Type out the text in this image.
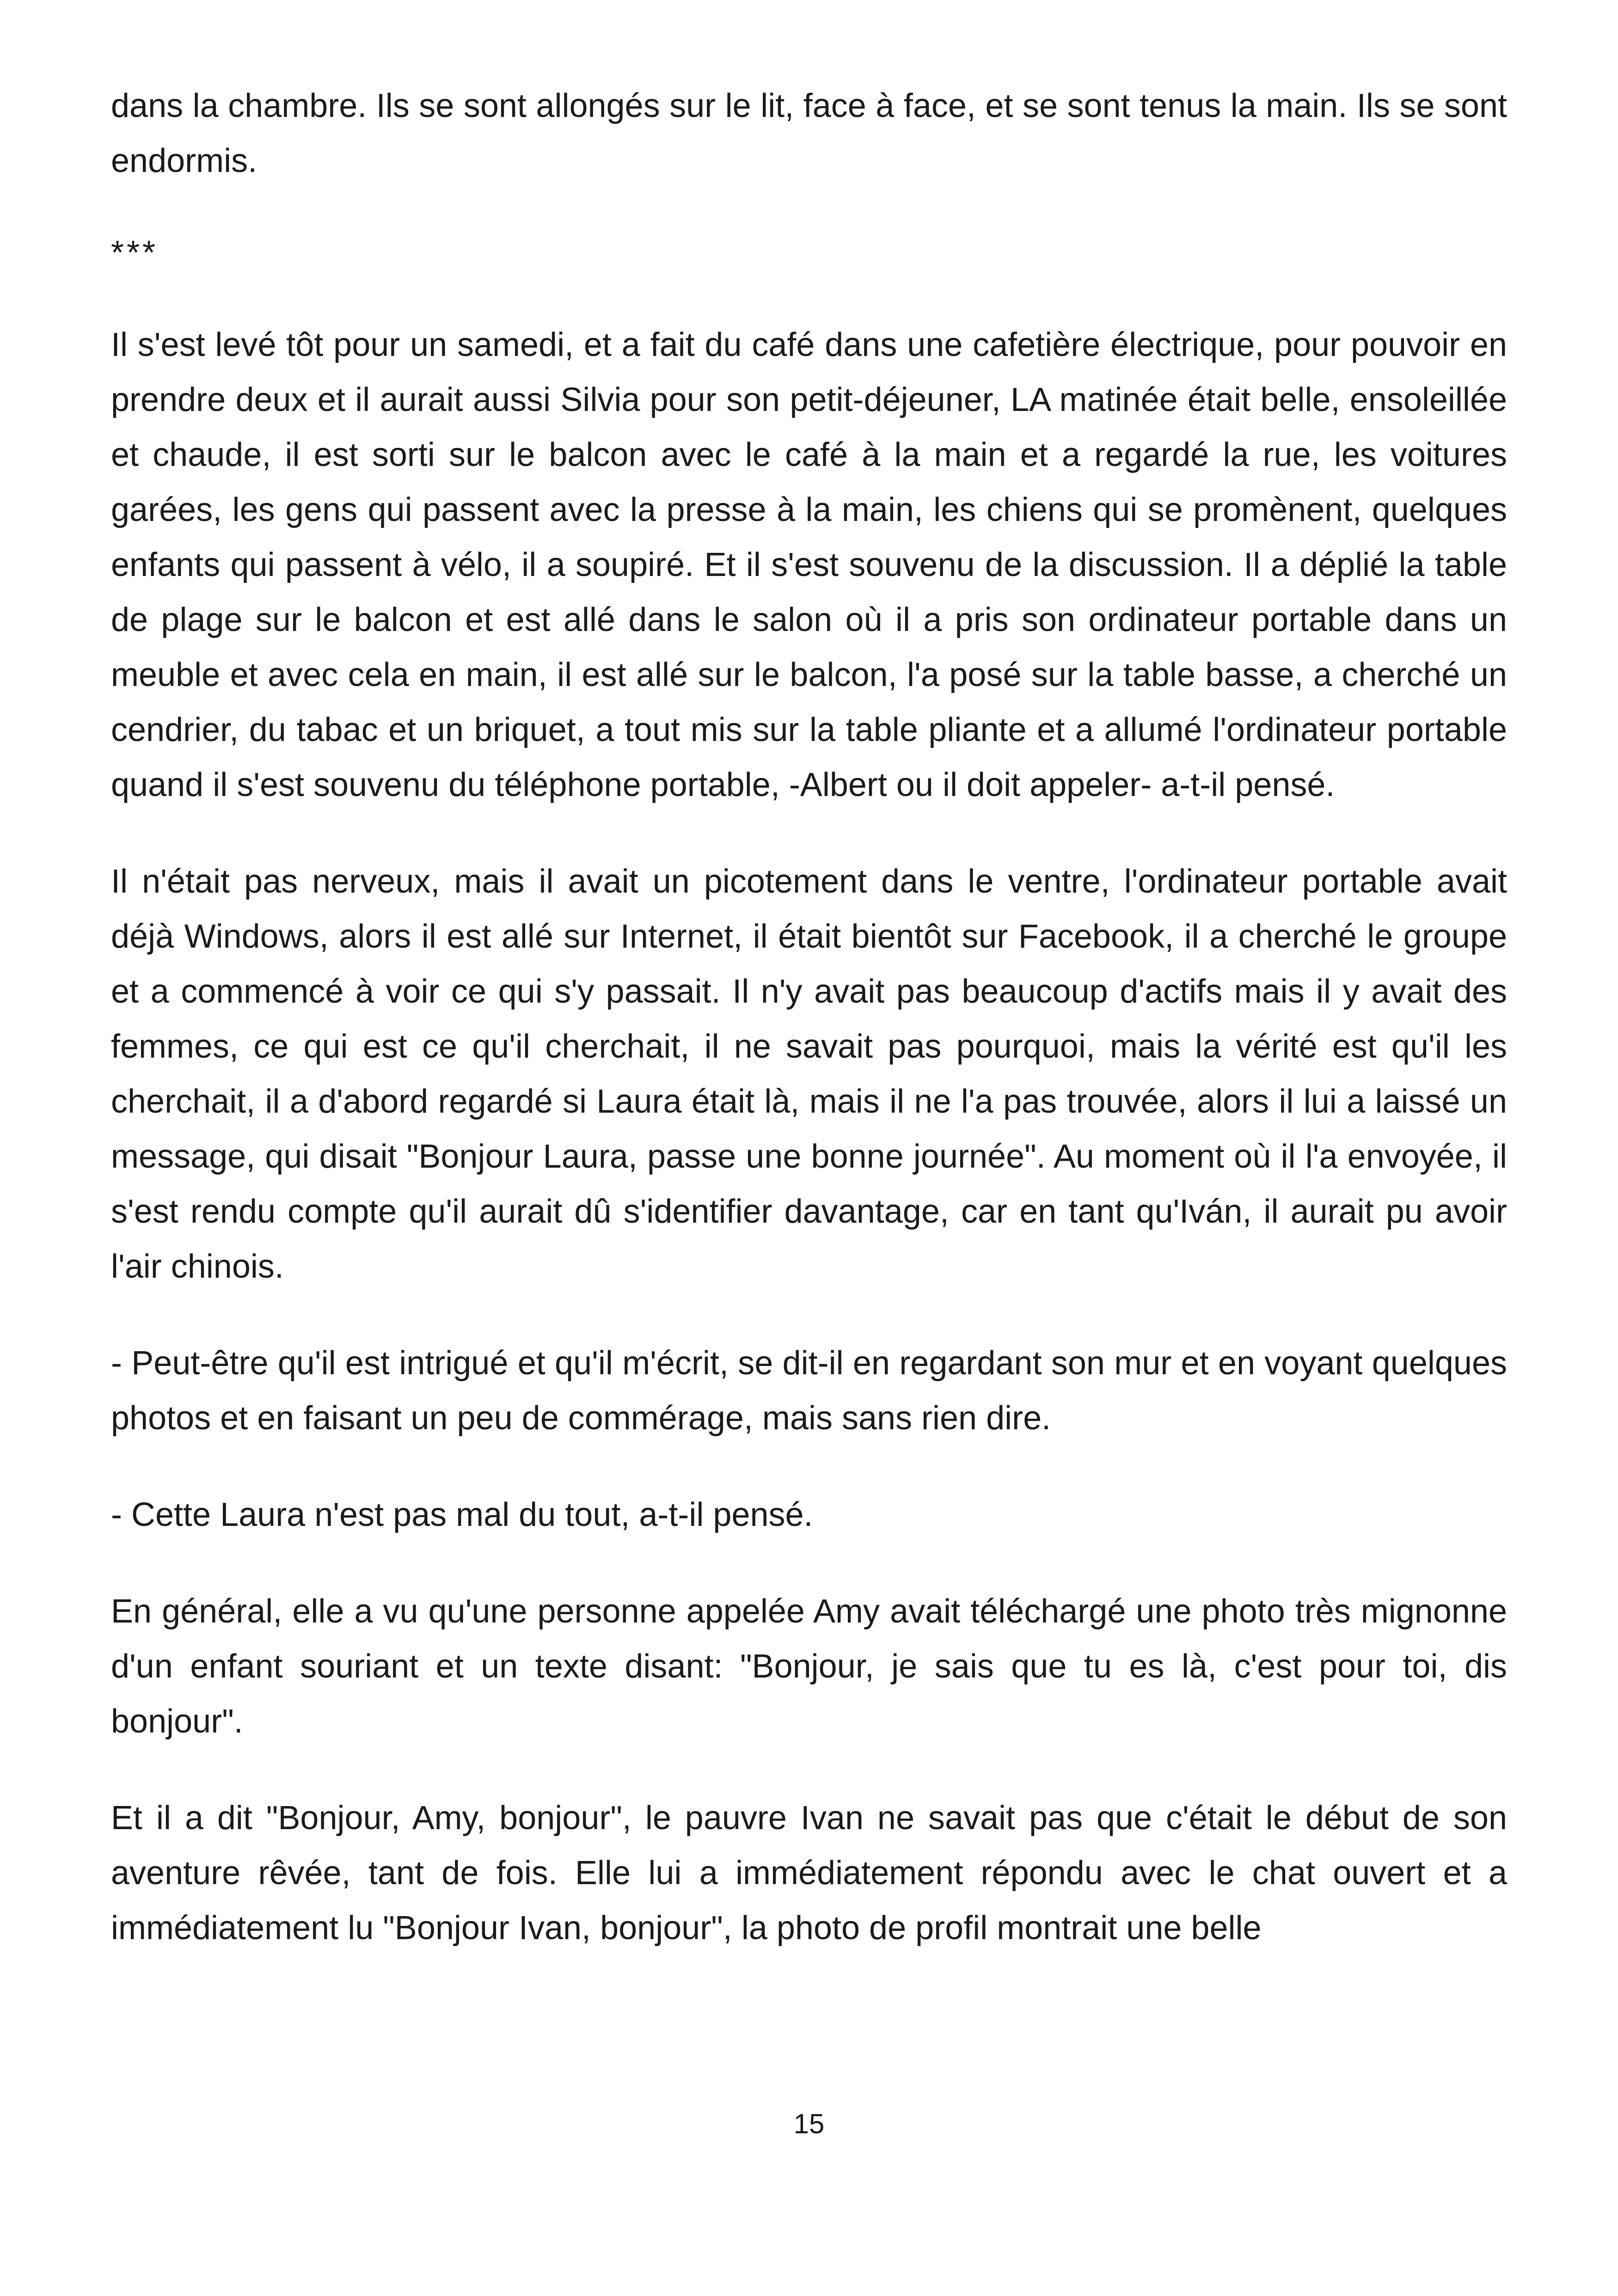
dans la chambre. Ils se sont allongés sur le lit, face à face, et se sont tenus la main. Ils se sont endormis.

***

Il s'est levé tôt pour un samedi, et a fait du café dans une cafetière électrique, pour pouvoir en prendre deux et il aurait aussi Silvia pour son petit-déjeuner, LA matinée était belle, ensoleillée et chaude, il est sorti sur le balcon avec le café à la main et a regardé la rue, les voitures garées, les gens qui passent avec la presse à la main, les chiens qui se promènent, quelques enfants qui passent à vélo, il a soupiré. Et il s'est souvenu de la discussion. Il a déplié la table de plage sur le balcon et est allé dans le salon où il a pris son ordinateur portable dans un meuble et avec cela en main, il est allé sur le balcon, l'a posé sur la table basse, a cherché un cendrier, du tabac et un briquet, a tout mis sur la table pliante et a allumé l'ordinateur portable quand il s'est souvenu du téléphone portable, -Albert ou il doit appeler- a-t-il pensé.

Il n'était pas nerveux, mais il avait un picotement dans le ventre, l'ordinateur portable avait déjà Windows, alors il est allé sur Internet, il était bientôt sur Facebook, il a cherché le groupe et a commencé à voir ce qui s'y passait. Il n'y avait pas beaucoup d'actifs mais il y avait des femmes, ce qui est ce qu'il cherchait, il ne savait pas pourquoi, mais la vérité est qu'il les cherchait, il a d'abord regardé si Laura était là, mais il ne l'a pas trouvée, alors il lui a laissé un message, qui disait "Bonjour Laura, passe une bonne journée". Au moment où il l'a envoyée, il s'est rendu compte qu'il aurait dû s'identifier davantage, car en tant qu'Iván, il aurait pu avoir l'air chinois.

- Peut-être qu'il est intrigué et qu'il m'écrit, se dit-il en regardant son mur et en voyant quelques photos et en faisant un peu de commérage, mais sans rien dire.

- Cette Laura n'est pas mal du tout, a-t-il pensé.

En général, elle a vu qu'une personne appelée Amy avait téléchargé une photo très mignonne d'un enfant souriant et un texte disant: "Bonjour, je sais que tu es là, c'est pour toi, dis bonjour".

Et il a dit "Bonjour, Amy, bonjour", le pauvre Ivan ne savait pas que c'était le début de son aventure rêvée, tant de fois. Elle lui a immédiatement répondu avec le chat ouvert et a immédiatement lu "Bonjour Ivan, bonjour", la photo de profil montrait une belle

15
